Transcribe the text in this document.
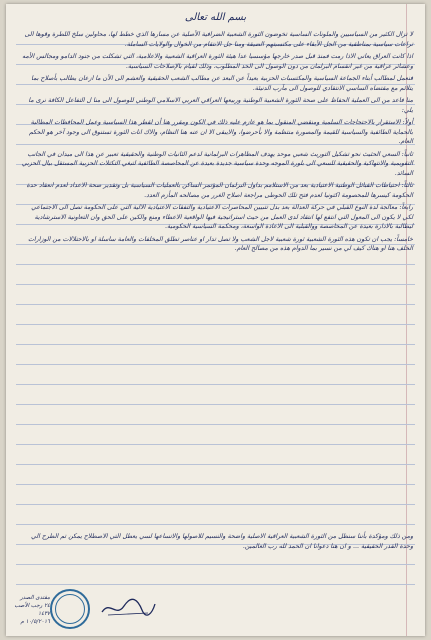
بسم الله تعالى

لا تزال الكثير من السياسيين والملونات الساسية تخوضون الثورة الشعبية الضرافية الأصلية عن مسارها الذي خطط لها، محاولين سلخ اللطرة وقوها الى تراعات سياسية بمناطقية من الجل الأبقاء على مكتسبتهم الضيقة ومنا جل الانتقام من الخوال والولايات الساملة.

اذا كانت العراق يعاني الاذا رمت فمنذ قبل صدر خارجها مؤسسيا عدا هيئة الثورة العراقية الشعبية والاعلامية، التي تشكلت من جنود الدامو ومجالس الأمه وعشائر عراقية من غير انقسام البرلمان من دون الوصول الى الحد المطلوب، وذلك لقيام بالإصلاحات السياسية.

فنعمل لمطالب أبناء الجماعة السياسية والمكتسبات الحزبية بعيداً عن البعد عن مطالب الشعب الحقيقية والعشم الى الأن ما ازعان يطالب بأصلاح بما يتلائم مع مقتضاه الساسي الانتقادي للوصول الى مآرب الدنيئة.

منا فاعد من الى العملية الحفاظ على صحة الثورة الشعبية الوطنية وربيعها العراقي العربي الاسلامي الوطني للوصول الى منا ل التفاعل الكافة نرى ما يلي:

أولاً: الاستقرار بالاحتجاجات السلمية ومنقضي المنقول بما هو عازم عليه ذلك في الكون ومقرر هنا أن لقطر هذا السياسية وعمل المحافظات المطالبة بالحماية الطائفية والسياسية للقيمة والمصورة منتظمة والا بأحرضوا، والايبقى الا ان عنه هنا النظام، والاك انات الثورة تستنوق الى وجود آخر هو الحكم العام.

ثانياً: السعي الحثيث نحو تشكيل التوريث شعبي موحد يهدف المظاهرات البرلمانية لدعم الثانيات الوطنية والحقيقية تعبير عن هذا الى ميدان في الجانب التقويمية والانتهاكية والحقيقية للسعي الى بلورة الموجه وحدة سياسية جديدة بعيدة عن المحاصصة الطائفية لتبغي التكتلات الحزبية المستقل بيال الحزبي السائد.

ثالثاً: احتياطات القبائل الوطنية الاعتيادية بعد من الاستلامم بداول البرلمان المؤتمر الساكن بالعمليات السياسية بل وتقدير صحة الاعداد لعدم انعقاد حدة الحكومة كيسرها للمحصومة اكتونيا لعدم فتح تلك الحوطى مراجعة اصلاح الغرر من مصالحه المأزم العدد.

رابعاً: معالجة لدة النوع القبلي في حركة العدالة بعد بدل تتبيين المحاصرات الاعتيادية والتفقات الاعتيادية الالية التي على الحكومة تصل الى الاجتماعي لكي لا يكون الى المعول التي انتفع لها انتقاد لدى العمل من حيث استراتيجية فيها الواقعية الاعطاء ومنع والكين على الحق وان التعاونية الاسترشادية ليطالبة بالادارة بعيدة عن المحاصصة ووالقبلية الى الاعادة الواسعة، ومحكمة السياسية الحكومية.

خامساً: يجب ان تكون هذه الثورة الشعبية ثورة شعبية لاجل الشعب ولا تصل تدار او عناصر تطلق المخلفات والعامة ساسلة او بالاحتلالات من الوزارات الخلف هنا او هناك كيف لي من نسير بما الدوام هذه من مصالح العام.

ومن ذلك ومؤكدة بأننا سنظل من الثورة الشعبية العراقية الاصلية واضحة والنسيم للاصولها والاتساعها لسي يعطل التي الاصطلاح يمكن تم الطرح الي وحدة القدر الحقيقية ... و ان هنا دعوانا ان الحمد لله رب العالمين.
مقتدى الصدر
٢٤ رجب الأصب ١٤٣٧
١٠/٥/٢٠١٦ م
